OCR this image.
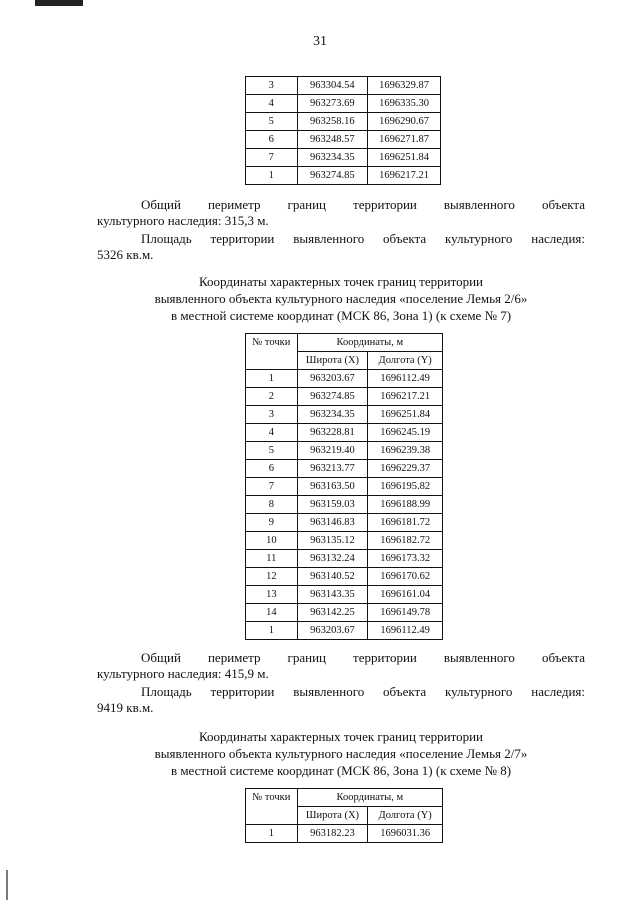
31
3	963304.54	1696329.87
4	963273.69	1696335.30
5	963258.16	1696290.67
6	963248.57	1696271.87
7	963234.35	1696251.84
1	963274.85	1696217.21
Общий периметр границ территории выявленного объекта
культурного наследия: 315,3 м.
Площадь территории выявленного объекта культурного наследия:
5326 кв.м.
Координаты характерных точек границ территории
выявленного объекта культурного наследия «поселение Лемья 2/6»
в местной системе координат (МСК 86, Зона 1) (к схеме № 7)
№ точки	Координаты, м	
	Широта (X)	Долгота (Y)
1	963203.67	1696112.49
2	963274.85	1696217.21
3	963234.35	1696251.84
4	963228.81	1696245.19
5	963219.40	1696239.38
6	963213.77	1696229.37
7	963163.50	1696195.82
8	963159.03	1696188.99
9	963146.83	1696181.72
10	963135.12	1696182.72
11	963132.24	1696173.32
12	963140.52	1696170.62
13	963143.35	1696161.04
14	963142.25	1696149.78
1	963203.67	1696112.49
Общий периметр границ территории выявленного объекта
культурного наследия: 415,9 м.
Площадь территории выявленного объекта культурного наследия:
9419 кв.м.
Координаты характерных точек границ территории
выявленного объекта культурного наследия «поселение Лемья 2/7»
в местной системе координат (МСК 86, Зона 1) (к схеме № 8)
№ точки	Координаты, м	
	Широта (X)	Долгота (Y)
1	963182.23	1696031.36
